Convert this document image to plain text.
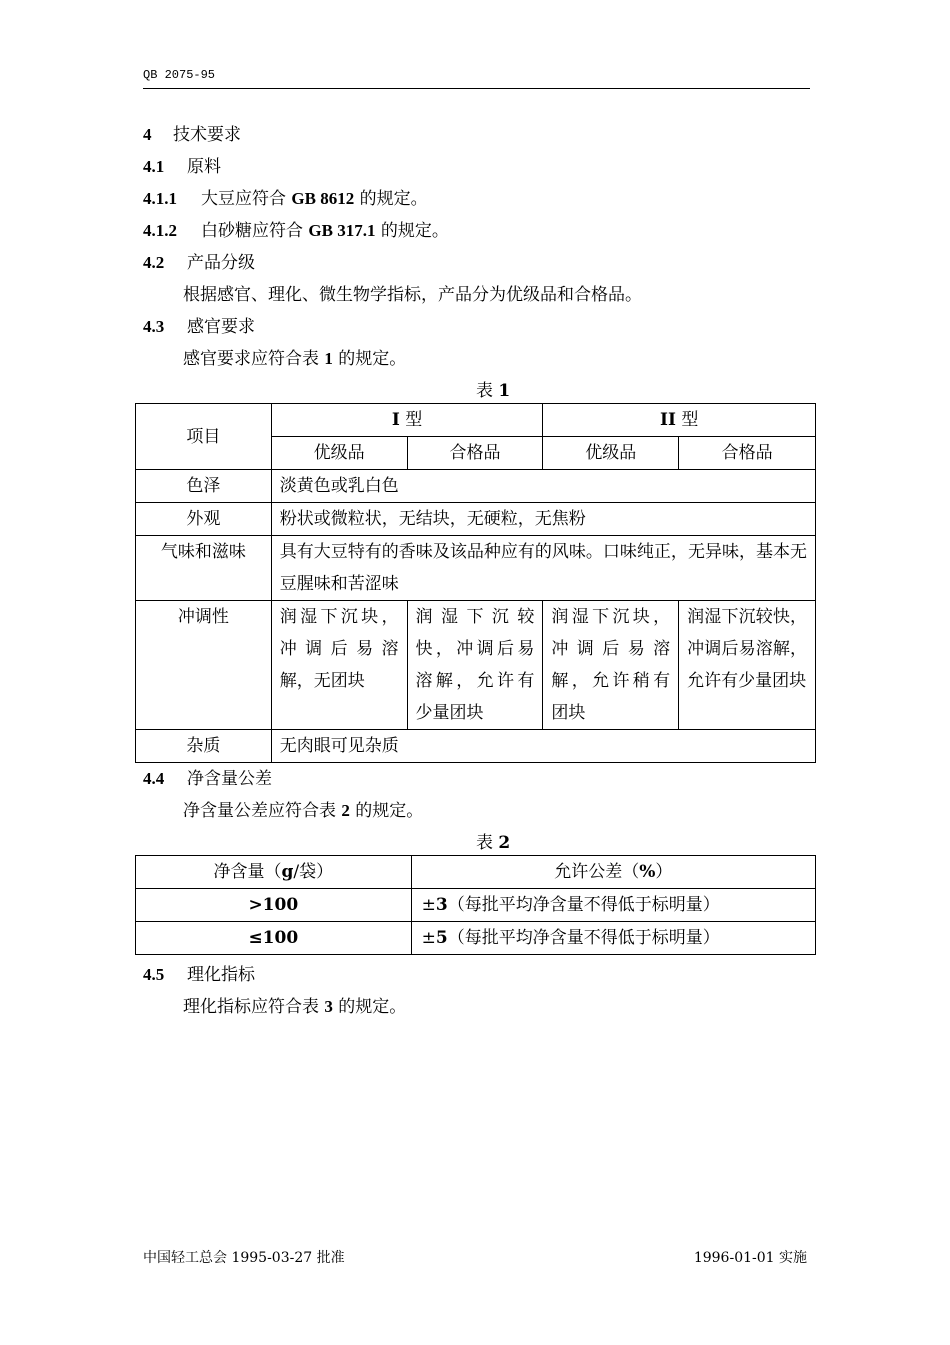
QB 2075-95
4 技术要求
4.1 原料
4.1.1 大豆应符合 GB 8612 的规定。
4.1.2 白砂糖应符合 GB 317.1 的规定。
4.2 产品分级
根据感官、理化、微生物学指标，产品分为优级品和合格品。
4.3 感官要求
感官要求应符合表 1 的规定。
表 1
项目	I 型		II 型	
	优级品	合格品	优级品	合格品
色泽	淡黄色或乳白色			
外观	粉状或微粒状，无结块，无硬粒，无焦粉			
气味和滋味	具有大豆特有的香味及该品种应有的风味。口味纯正，无异味，基本无豆腥味和苦涩味			
冲调性	润湿下沉块，冲调后易溶解，无团块	润湿下沉较快，冲调后易溶解，允许有少量团块	润湿下沉块，冲调后易溶解，允许稍有团块	润湿下沉较快，冲调后易溶解，允许有少量团块
杂质	无肉眼可见杂质			
4.4 净含量公差
净含量公差应符合表 2 的规定。
表 2
净含量（g/袋）	允许公差（%）
>100	±3（每批平均净含量不得低于标明量）
≤100	±5（每批平均净含量不得低于标明量）
4.5 理化指标
理化指标应符合表 3 的规定。
中国轻工总会 1995-03-27 批准	1996-01-01 实施
